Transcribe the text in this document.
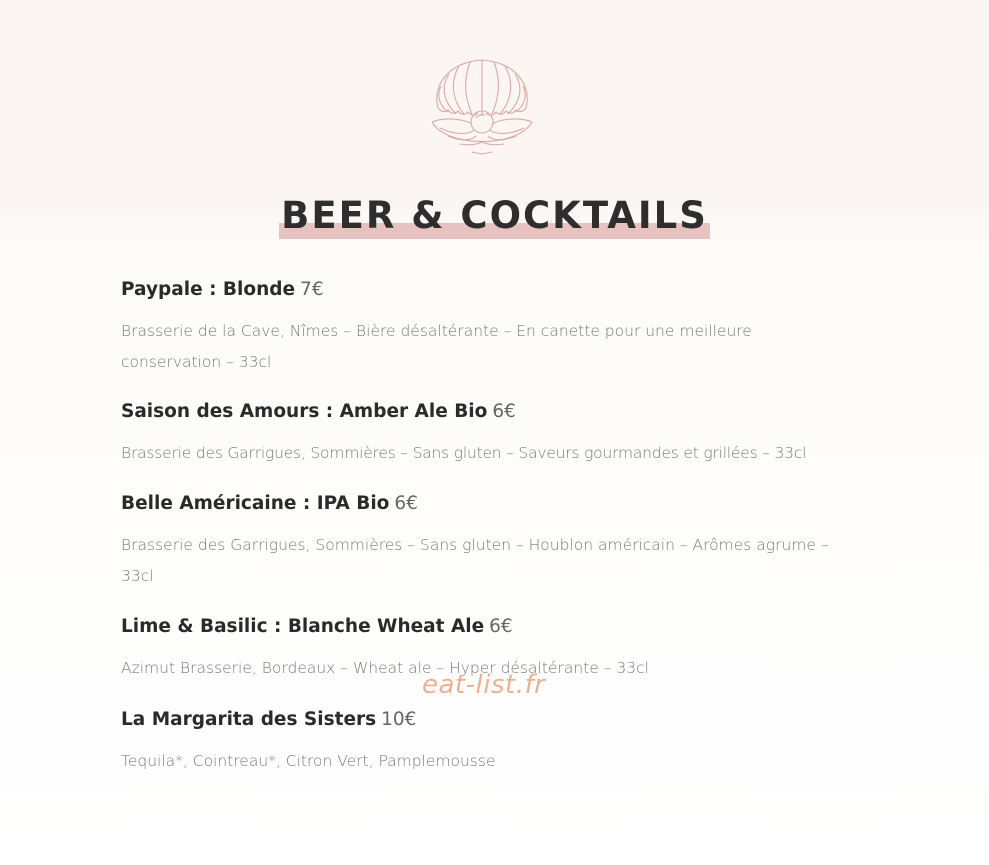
BEER & COCKTAILS

Paypale : Blonde 7€

Brasserie de la Cave, Nîmes – Bière désaltérante – En canette pour une meilleure conservation – 33cl

Saison des Amours : Amber Ale Bio 6€

Brasserie des Garrigues, Sommières – Sans gluten – Saveurs gourmandes et grillées – 33cl

Belle Américaine : IPA Bio 6€

Brasserie des Garrigues, Sommières – Sans gluten – Houblon américain – Arômes agrume – 33cl

Lime & Basilic : Blanche Wheat Ale 6€

Azimut Brasserie, Bordeaux – Wheat ale – Hyper désaltérante – 33cl

La Margarita des Sisters 10€

Tequila*, Cointreau*, Citron Vert, Pamplemousse

eat-list.fr
